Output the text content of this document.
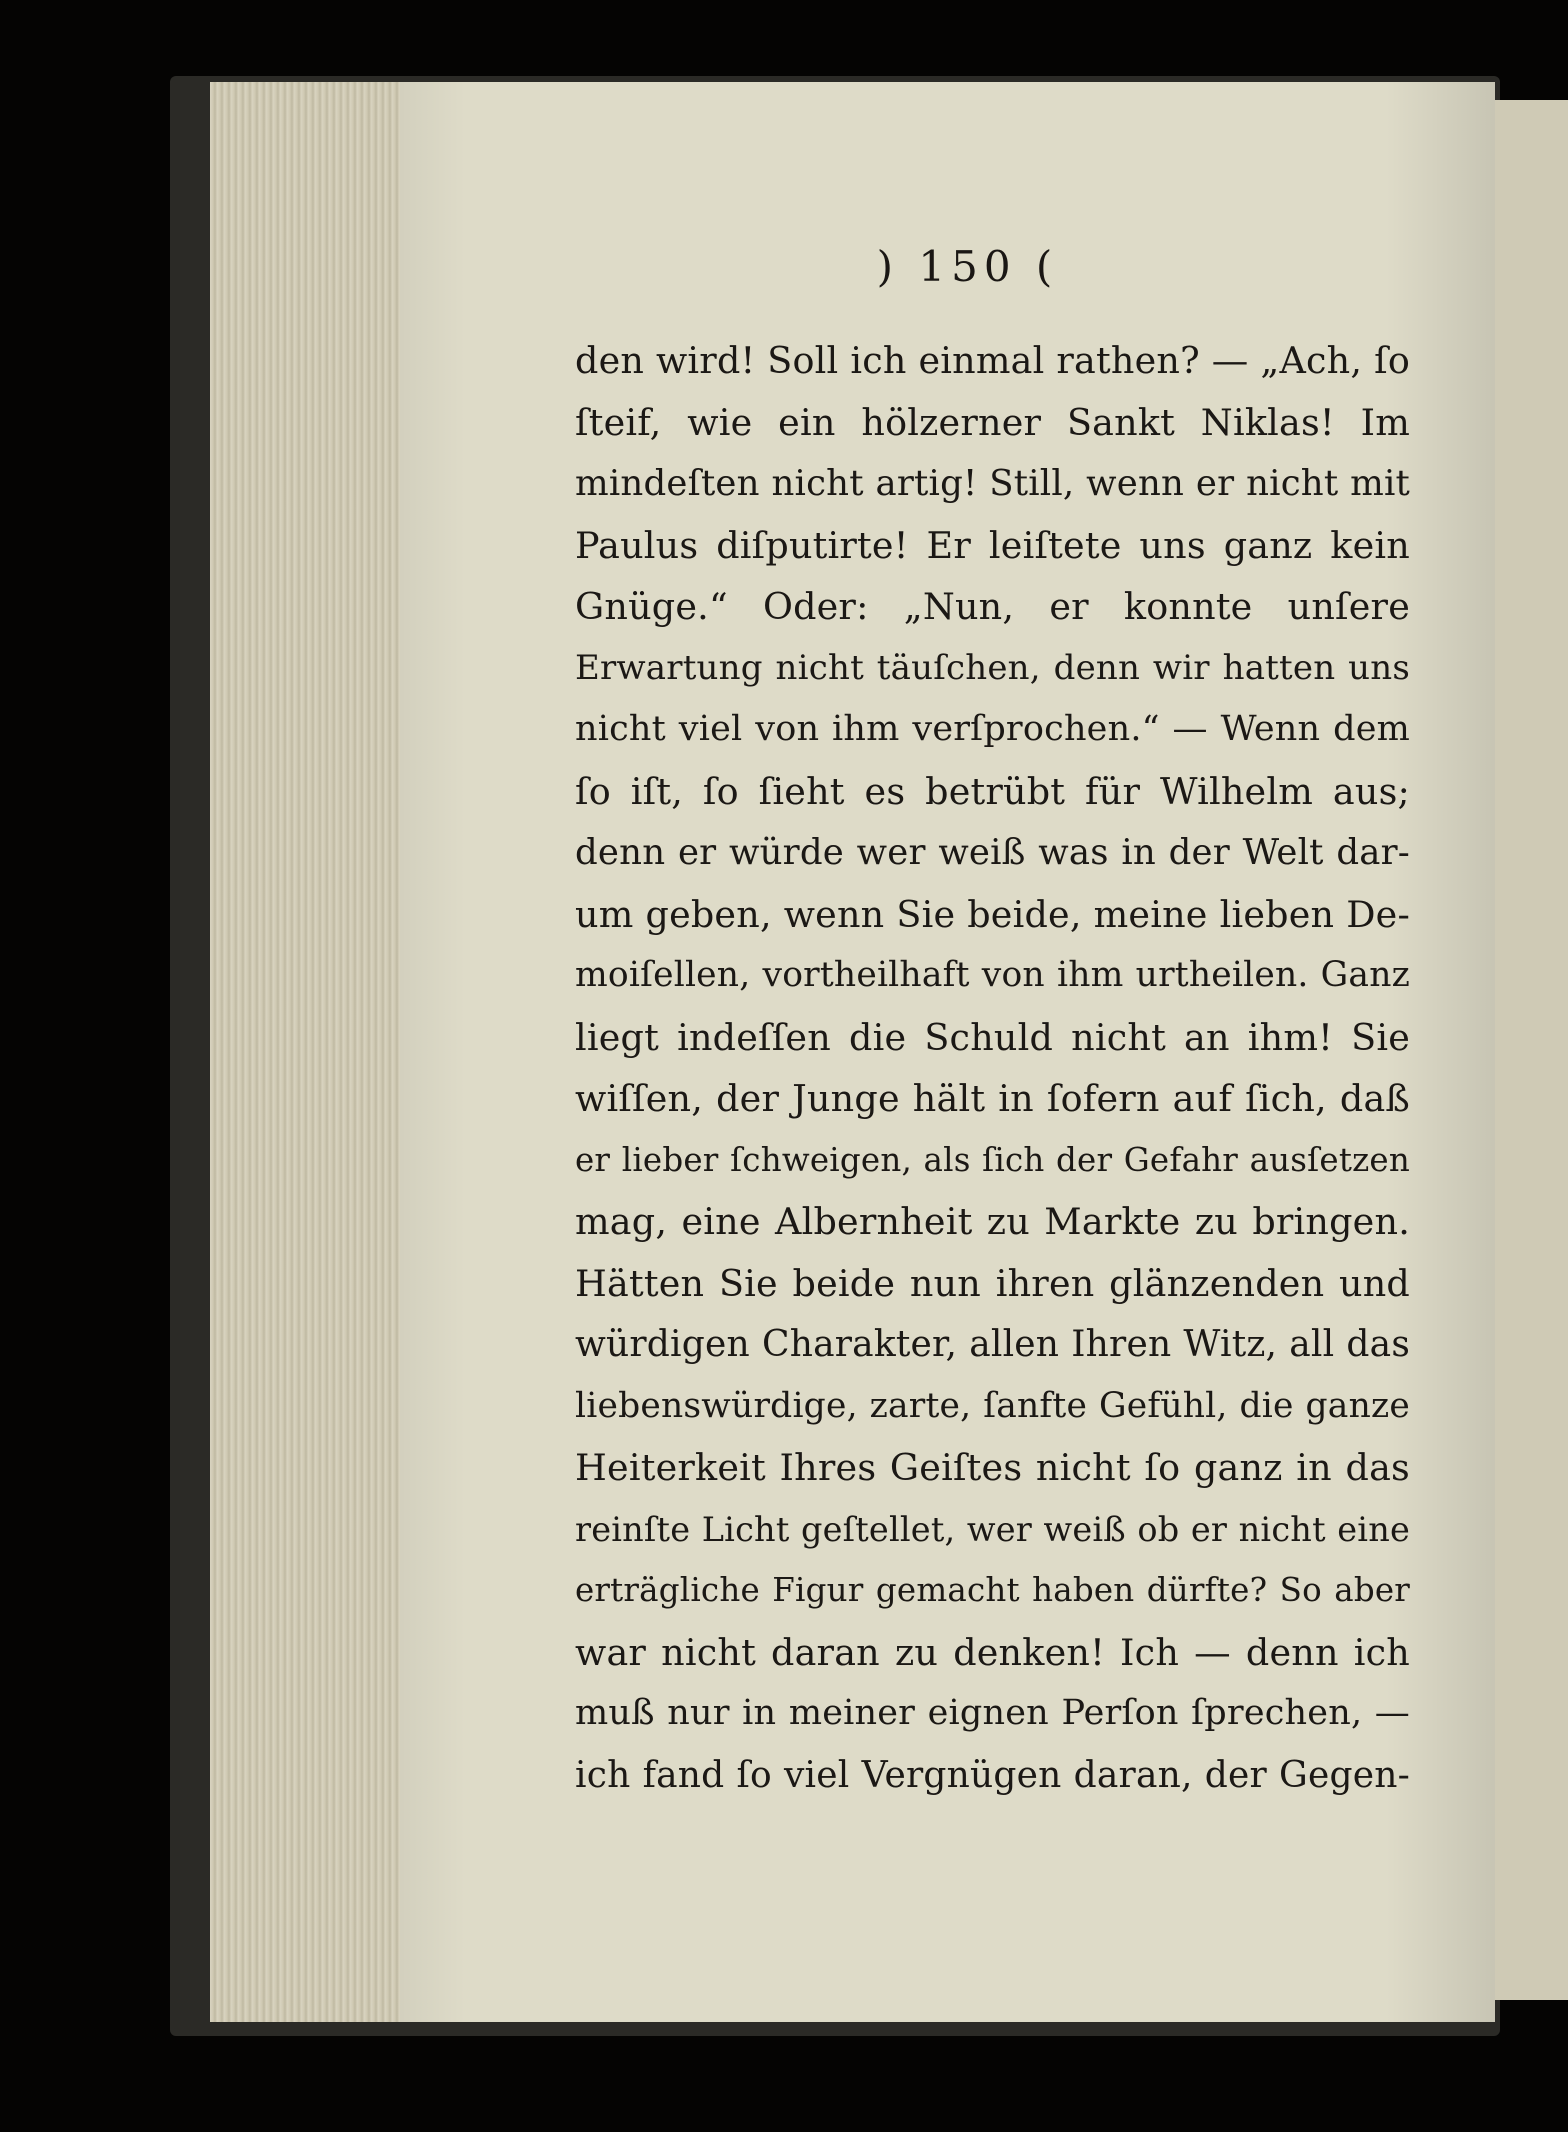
) 150 (
den wird! Soll ich einmal rathen? — „Ach, ſo
ſteif, wie ein hölzerner Sankt Niklas! Im
mindeſten nicht artig! Still, wenn er nicht mit
Paulus diſputirte! Er leiſtete uns ganz kein
Gnüge.“ Oder: „Nun, er konnte unſere
Erwartung nicht täuſchen, denn wir hatten uns
nicht viel von ihm verſprochen.“ — Wenn dem
ſo iſt, ſo ſieht es betrübt für Wilhelm aus;
denn er würde wer weiß was in der Welt dar-
um geben, wenn Sie beide, meine lieben De-
moiſellen, vortheilhaft von ihm urtheilen. Ganz
liegt indeſſen die Schuld nicht an ihm! Sie
wiſſen, der Junge hält in ſofern auf ſich, daß
er lieber ſchweigen, als ſich der Gefahr ausſetzen
mag, eine Albernheit zu Markte zu bringen.
Hätten Sie beide nun ihren glänzenden und
würdigen Charakter, allen Ihren Witz, all das
liebenswürdige, zarte, ſanfte Gefühl, die ganze
Heiterkeit Ihres Geiſtes nicht ſo ganz in das
reinſte Licht geſtellet, wer weiß ob er nicht eine
erträgliche Figur gemacht haben dürfte? So aber
war nicht daran zu denken! Ich — denn ich
muß nur in meiner eignen Perſon ſprechen, —
ich fand ſo viel Vergnügen daran, der Gegen-
